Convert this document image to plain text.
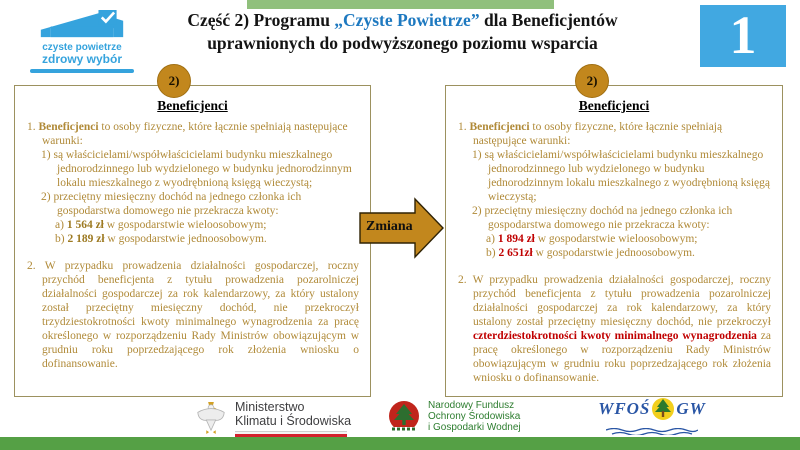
czyste powietrze
zdrowy wybór
Część 2) Programu „Czyste Powietrze” dla Beneficjentów
uprawnionych do podwyższonego poziomu wsparcia	1
2)
Beneficjenci
1. Beneficjenci to osoby fizyczne, które łącznie spełniają następujące warunki:
1) są właścicielami/współwłaścicielami budynku mieszkalnego jednorodzinnego lub wydzielonego w budynku jednorodzinnym lokalu mieszkalnego z wyodrębnioną księgą wieczystą;
2) przeciętny miesięczny dochód na jednego członka ich gospodarstwa domowego nie przekracza kwoty:
a) 1 564 zł w gospodarstwie wieloosobowym;
b) 2 189 zł w gospodarstwie jednoosobowym.
2. W przypadku prowadzenia działalności gospodarczej, roczny przychód beneficjenta z tytułu prowadzenia pozarolniczej działalności gospodarczej za rok kalendarzowy, za który ustalony został przeciętny miesięczny dochód, nie przekroczył trzydziestokrotności kwoty minimalnego wynagrodzenia za pracę określonego w rozporządzeniu Rady Ministrów obowiązującym w grudniu roku poprzedzającego rok złożenia wniosku o dofinansowanie.
Zmiana
2)
Beneficjenci
1. Beneficjenci to osoby fizyczne, które łącznie spełniają następujące warunki:
1) są właścicielami/współwłaścicielami budynku mieszkalnego jednorodzinnego lub wydzielonego w budynku jednorodzinnym lokalu mieszkalnego z wyodrębnioną księgą wieczystą;
2) przeciętny miesięczny dochód na jednego członka ich gospodarstwa domowego nie przekracza kwoty:
a) 1 894 zł w gospodarstwie wieloosobowym;
b) 2 651zł w gospodarstwie jednoosobowym.
2. W przypadku prowadzenia działalności gospodarczej, roczny przychód beneficjenta z tytułu prowadzenia pozarolniczej działalności gospodarczej za rok kalendarzowy, za który ustalony został przeciętny miesięczny dochód, nie przekroczył czterdziestokrotności kwoty minimalnego wynagrodzenia za pracę określonego w rozporządzeniu Rady Ministrów obowiązującym w grudniu roku poprzedzającego rok złożenia wniosku o dofinansowanie.
Ministerstwo
Klimatu i Środowiska
Narodowy Fundusz
Ochrony Środowiska
i Gospodarki Wodnej
WFOŚ GW
